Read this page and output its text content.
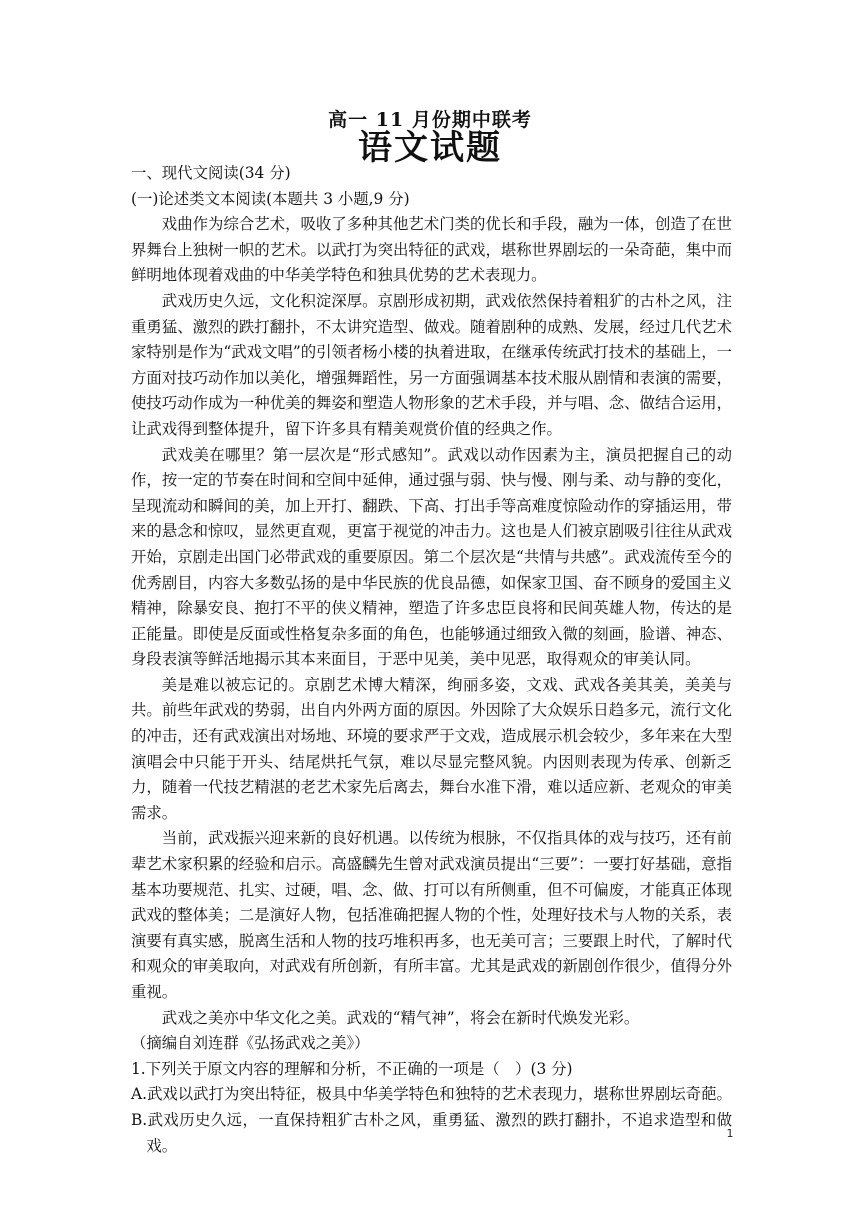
高一 11 月份期中联考
语文试题

一、现代文阅读(34 分)

(一)论述类文本阅读(本题共 3 小题,9 分)

戏曲作为综合艺术，吸收了多种其他艺术门类的优长和手段，融为一体，创造了在世界舞台上独树一帜的艺术。以武打为突出特征的武戏，堪称世界剧坛的一朵奇葩，集中而鲜明地体现着戏曲的中华美学特色和独具优势的艺术表现力。

武戏历史久远，文化积淀深厚。京剧形成初期，武戏依然保持着粗犷的古朴之风，注重勇猛、激烈的跌打翻扑，不太讲究造型、做戏。随着剧种的成熟、发展，经过几代艺术家特别是作为“武戏文唱”的引领者杨小楼的执着进取，在继承传统武打技术的基础上，一方面对技巧动作加以美化，增强舞蹈性，另一方面强调基本技术服从剧情和表演的需要，使技巧动作成为一种优美的舞姿和塑造人物形象的艺术手段，并与唱、念、做结合运用，让武戏得到整体提升，留下许多具有精美观赏价值的经典之作。

武戏美在哪里？第一层次是“形式感知”。武戏以动作因素为主，演员把握自己的动作，按一定的节奏在时间和空间中延伸，通过强与弱、快与慢、刚与柔、动与静的变化，呈现流动和瞬间的美，加上开打、翻跌、下高、打出手等高难度惊险动作的穿插运用，带来的悬念和惊叹，显然更直观，更富于视觉的冲击力。这也是人们被京剧吸引往往从武戏开始，京剧走出国门必带武戏的重要原因。第二个层次是“共情与共感”。武戏流传至今的优秀剧目，内容大多数弘扬的是中华民族的优良品德，如保家卫国、奋不顾身的爱国主义精神，除暴安良、抱打不平的侠义精神，塑造了许多忠臣良将和民间英雄人物，传达的是正能量。即使是反面或性格复杂多面的角色，也能够通过细致入微的刻画，脸谱、神态、身段表演等鲜活地揭示其本来面目，于恶中见美，美中见恶，取得观众的审美认同。

美是难以被忘记的。京剧艺术博大精深，绚丽多姿，文戏、武戏各美其美，美美与共。前些年武戏的势弱，出自内外两方面的原因。外因除了大众娱乐日趋多元，流行文化的冲击，还有武戏演出对场地、环境的要求严于文戏，造成展示机会较少，多年来在大型演唱会中只能于开头、结尾烘托气氛，难以尽显完整风貌。内因则表现为传承、创新乏力，随着一代技艺精湛的老艺术家先后离去，舞台水准下滑，难以适应新、老观众的审美需求。

当前，武戏振兴迎来新的良好机遇。以传统为根脉，不仅指具体的戏与技巧，还有前辈艺术家积累的经验和启示。高盛麟先生曾对武戏演员提出“三要”：一要打好基础，意指基本功要规范、扎实、过硬，唱、念、做、打可以有所侧重，但不可偏废，才能真正体现武戏的整体美；二是演好人物，包括准确把握人物的个性，处理好技术与人物的关系，表演要有真实感，脱离生活和人物的技巧堆积再多，也无美可言；三要跟上时代，了解时代和观众的审美取向，对武戏有所创新，有所丰富。尤其是武戏的新剧创作很少，值得分外重视。

武戏之美亦中华文化之美。武戏的“精气神”，将会在新时代焕发光彩。

（摘编自刘连群《弘扬武戏之美》）

1.下列关于原文内容的理解和分析，不正确的一项是（　）(3 分)

A.武戏以武打为突出特征，极具中华美学特色和独特的艺术表现力，堪称世界剧坛奇葩。

B.武戏历史久远，一直保持粗犷古朴之风，重勇猛、激烈的跌打翻扑，不追求造型和做戏。

1
